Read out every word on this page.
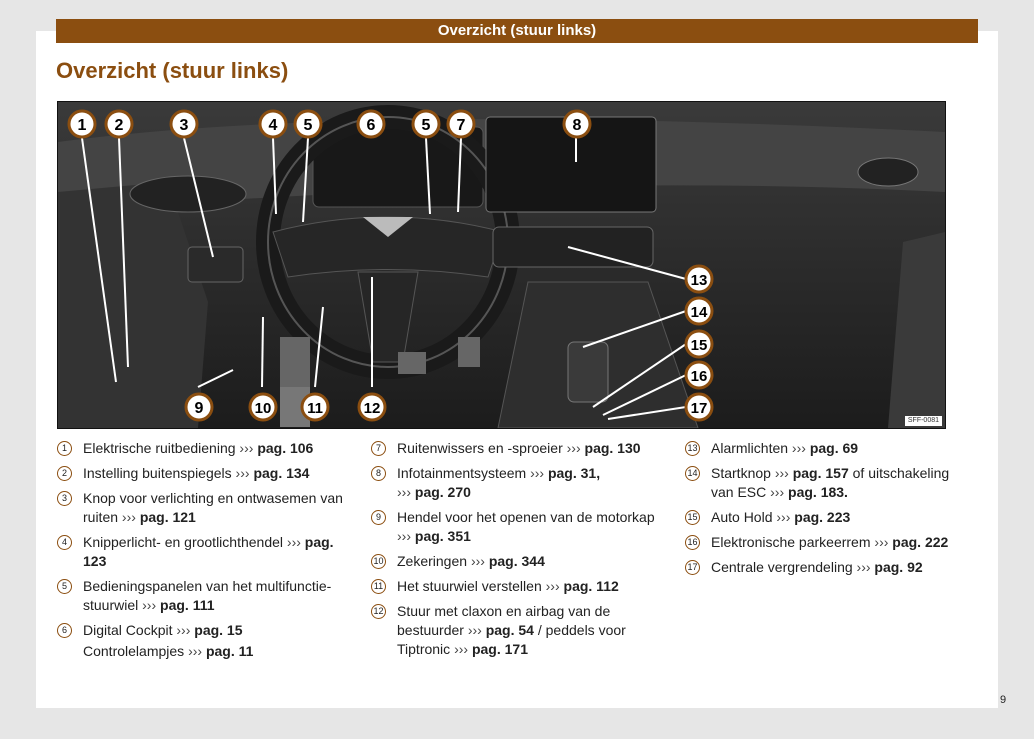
Overzicht (stuur links)
Overzicht (stuur links)
1 2	3	4 5	6	5 7	8
13
14
15
16
17
9	10 11	12
SFF-0081
1	Elektrische ruitbediening ››› pag. 106
2	Instelling buitenspiegels ››› pag. 134
3	Knop voor verlichting en ontwasemen van ruiten ››› pag. 121
4	Knipperlicht- en grootlichthendel ››› pag. 123
5	Bedieningspanelen van het multifunctie-stuurwiel ››› pag. 111
6	Digital Cockpit ››› pag. 15
Controlelampjes ››› pag. 11
7	Ruitenwissers en -sproeier ››› pag. 130
8	Infotainmentsysteem ››› pag. 31,
››› pag. 270
9	Hendel voor het openen van de motorkap ››› pag. 351
10 Zekeringen ››› pag. 344
11 Het stuurwiel verstellen ››› pag. 112
12 Stuur met claxon en airbag van de bestuurder ››› pag. 54 / peddels voor Tiptronic ››› pag. 171
13 Alarmlichten ››› pag. 69
14 Startknop ››› pag. 157 of uitschakeling van ESC ››› pag. 183.
15 Auto Hold ››› pag. 223
16 Elektronische parkeerrem ››› pag. 222
17 Centrale vergrendeling ››› pag. 92
9
